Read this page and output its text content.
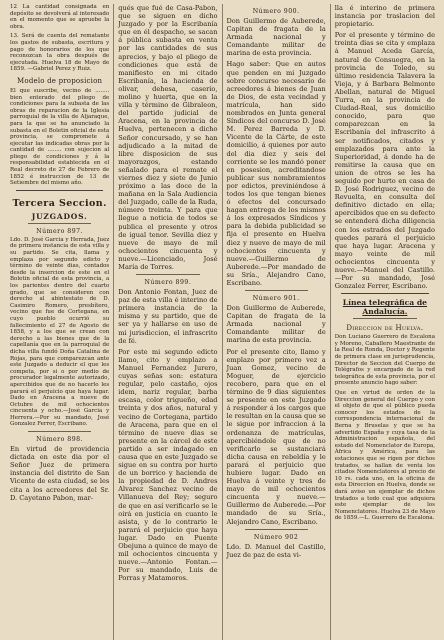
12 La cantidad consignada en depósito se devolverá al interesado en el momento que se apruebe la obra.

13. Será de cuenta del rematante los gastos de subasta, escritura y pago de honorarios de los que reconozcan la obra después de ejecutada. Huelva 18 de Mayo de 1859. —Gabriel Perez y Ruiz.

Modelo de proposicion

El que suscribe, vecino de ........ bien enterado del pliego de condiciones para la subasta de las obras de reparacion de la Iglesia parroquial de la villa de Aljaraque, para la que se ha anunciado la subasta en el Boletin oficial de esta provincia, se compromete á ejecutar las indicadas obras por la cantidad de ........ con sujecion al pliego de condiciones y á la responsabilidad establecida en el Real decreto de 27 de Febrero de 1852 é instruccion de 13 de Setiembre del mismo año.

Tercera Seccion.
JUZGADOS.
Número 897.

Ldo. D. José Garcia y Herrada, Juez de primera instancia de esta villa y su partido. Se cita, llama y emplaza por segundo edicto y término de veinte dias, contados desde la insercion de este en el Boletin oficial de esta provincia, a los parientes dentro del cuarto grado, que se consideren con derecho al abintestato de D. Casimiro Romero, presbítero, vecino que fue de Cortegana, en cuyo pueblo ocurrió su fallecimiento el 27 de Agosto de 1858, y a los que se crean con derecho a las bienes que de la capellanía que en la parroquial de dicha villa fundó Doña Catalina de Rojas, para que comparezcan ante este Juzgado a deducir el que les competa, por si o por medio de procurador legalmente autorizado, apercibidos que de no hacerlo les parará el perjuicio que haya lugar. Dado en Aracena a nueve de Octubre de mil ochocientos cincuenta y ocho.—José Garcia y Herrera.—Por su mandado, José Gonzalez Ferrer, Escribano.

Número 898.

En virtud de providencia dictada en este dia por el Señor Juez de primera instancia del distrito de San Vicente de esta ciudad, se les cita a los acreedores del Sr. D. Cayetano Pabon, mar-

qués que fué de Casa-Pabon, que se siguen en dicho Juzgado y por la Escribanía que en él despacho, se sacan á pública subasta en venta por las cantidades de sus aprecios, y bajo el pliego de condiciones que está de manifiesto en mi citado Escribanía, la hacienda de olivar, dehesa, caserío, molino y huerta, que en la villa y término de Gibraleon, del partido judicial de Aracena, en la provincia de Huelva, pertenecen a dicho Señor concursado, y se han adjudicado a la mitad de libre disposicion de sus mayorazgos, estando señalado para el remate el viernes diez y siete de Junio próximo a las doce de la mañana en la Sala Audiencia del Juzgado, calle de la Ruda, número treinta. Y para que llegue a noticia de todos se publica el presente y otros de igual tenor. Sevilla diez y nueve de mayo de mil ochocientos cincuenta y nueve.—Licenciado, José María de Torres.

Número 899.

Don Antonio Fontan, Juez de paz de esta villa é interino de primera instancia de la misma y su partido, que de ser ya y hallarse en uso de mi jurisdiccion, el infrascrito de fé.

Por este mi segundo edicto llamo, cito y emplazo a Manuel Fernandez Jurero, cuyas señas son: estatura regular, pelo castaño, ojos idem, nariz regular, barba escasa, color trigueño, edad treinta y dos años, natural y vecino de Cortegana, partido de Aracena, para que en el término de nueve dias se presente en la cárcel de este partido a ser indagado en causa que en este Juzgado se sigue en su contra por hurto de un borrico y hacienda de la propiedad de D. Andres Alvarez Sanchez vecino de Villanueva del Rey; seguro de que en así verificarlo se le oirá en justicia en cuanto le asista, y de lo contrario le parará el perjuicio que haya lugar. Dado en Puente Obejuna a quince de mayo de mil ochocientos cincuenta y nueve.—Antonio Fontan.—Por su mandado, Luis de Porras y Matamoros.

Número 900.

Don Guillermo de Auberede, Capitan de fragata de la Armada nacional y Comandante militar de marina de esta provincia.

Hago saber: Que en autos que penden en mi Juzgado sobre concurso necesario de acreedores á bienes de Juan de Dios, de esta vecindad y matrícula, han sido nombrados en Junta general Síndicos del concurso D. José M. Perez Barreda y D. Vicente de la Cárte, de este domicilio, á quienes por auto del dia diez y seis del corriente se les mandó poner en posesion, acreditandose publicar sus nombramientos por edictos, previniéndose á todos los que tengan bienes ó efectos del concursado hagan entrega de los mismos á los expresados Síndicos y para la debida publicidad se fija el presente en Huelva diez y nueve de mayo de mil ochocientos cincuenta y nueve.—Guillermo de Auberede.—Por mandado de su Sría., Alejandro Cano, Escribano.

Número 901.

Don Guillermo de Auberede, Capitan de fragata de la Armada nacional y Comandante militar de marina de esta provincia.

Por el presente cito, llamo y emplazo por primero vez a Juan Gomez, vecino de Moguer, de ejercicio recobero, para que en el término de 9 dias siguientes se presente en este Juzgado á responder á los cargos que le resultan en la causa que se le sigue por infraccion á la ordenanza de matrículas, apercibiéndole que de no verificarlo se sustanciará dicha causa en rebeldía y le parará el perjuicio que hubiere lugar. Dado en Huelva á veinte y tres de mayo de mil ochocientos cincuenta y nueve.—Guillermo de Auberede.—Por mandado de su Sría., Alejandro Cano, Escribano.

Número 902

Ldo. D. Manuel del Castillo, Juez de paz de esta vi-

lla é interino de primera instancia por traslacion del propietario.

Por el presente y término de treinta dias se cita y emplaza á Manuel Aceda García, natural de Consuegra, en la provincia de Toledo, su último residencia Talavera la Vieja, y á Barbara Belmonte Abellan, natural de Miguel Turra, en la provincia de Ciudad-Real, sus domicilio conocido, para que comparezcan en la Escribanía del infrascrito á ser notificados, citados y emplazados para ante la Superioridad, á donde ha de remitirse la causa que en union de otros se les ha seguido por hurto en casa de D. José Rodriguez, vecino de Revuelta, en consulta del definitivo dictado en ella; apercibidos que en su defecto se entenderá dicha diligencia con los estrados del Juzgado quedes parará el perjuicio que haya lugar. Aracena y mayo veinte de mil ochocientos cincuenta y nueve.—Manuel del Castillo.—Por su mandado, José Gonzalez Ferrer, Escribano.

Línea telegráfica de Andalucía.
Direccion de Huelva.

Don Luciano Guerrero de Escalona y Moreno, Caballero Maestrante de la Real de Ronda, Doctor y Regente de primera clase en jurisprudencia, Director de Seccion del Cuerpo de Telégrafos y encargado de la red telegráfica de esta provincia, por el presente anuncio hago saber:

Que en virtud de orden de la Direccion general del Cuerpo y con el objeto de que el público pueda conocer los estados de la correspondencia internacional de Berna y Bruselas y que se ha advertido España y cuya tasa de la Administracion española, del estado del Nomenclator de Europa, África y América, para las estaciones que se rigen por dichos tratados, se hallan de venta los citados Nomenclatores al precio de 10 rs. cada uno, en la oficina de esta Direccion en Huelva, donde se dará aviso un ejemplar de dichos tratados a todo cual que adquiera este ejemplar de los Nomenclatores. Huelva 23 de Mayo de 1859.—L. Guerrero de Escalona.
